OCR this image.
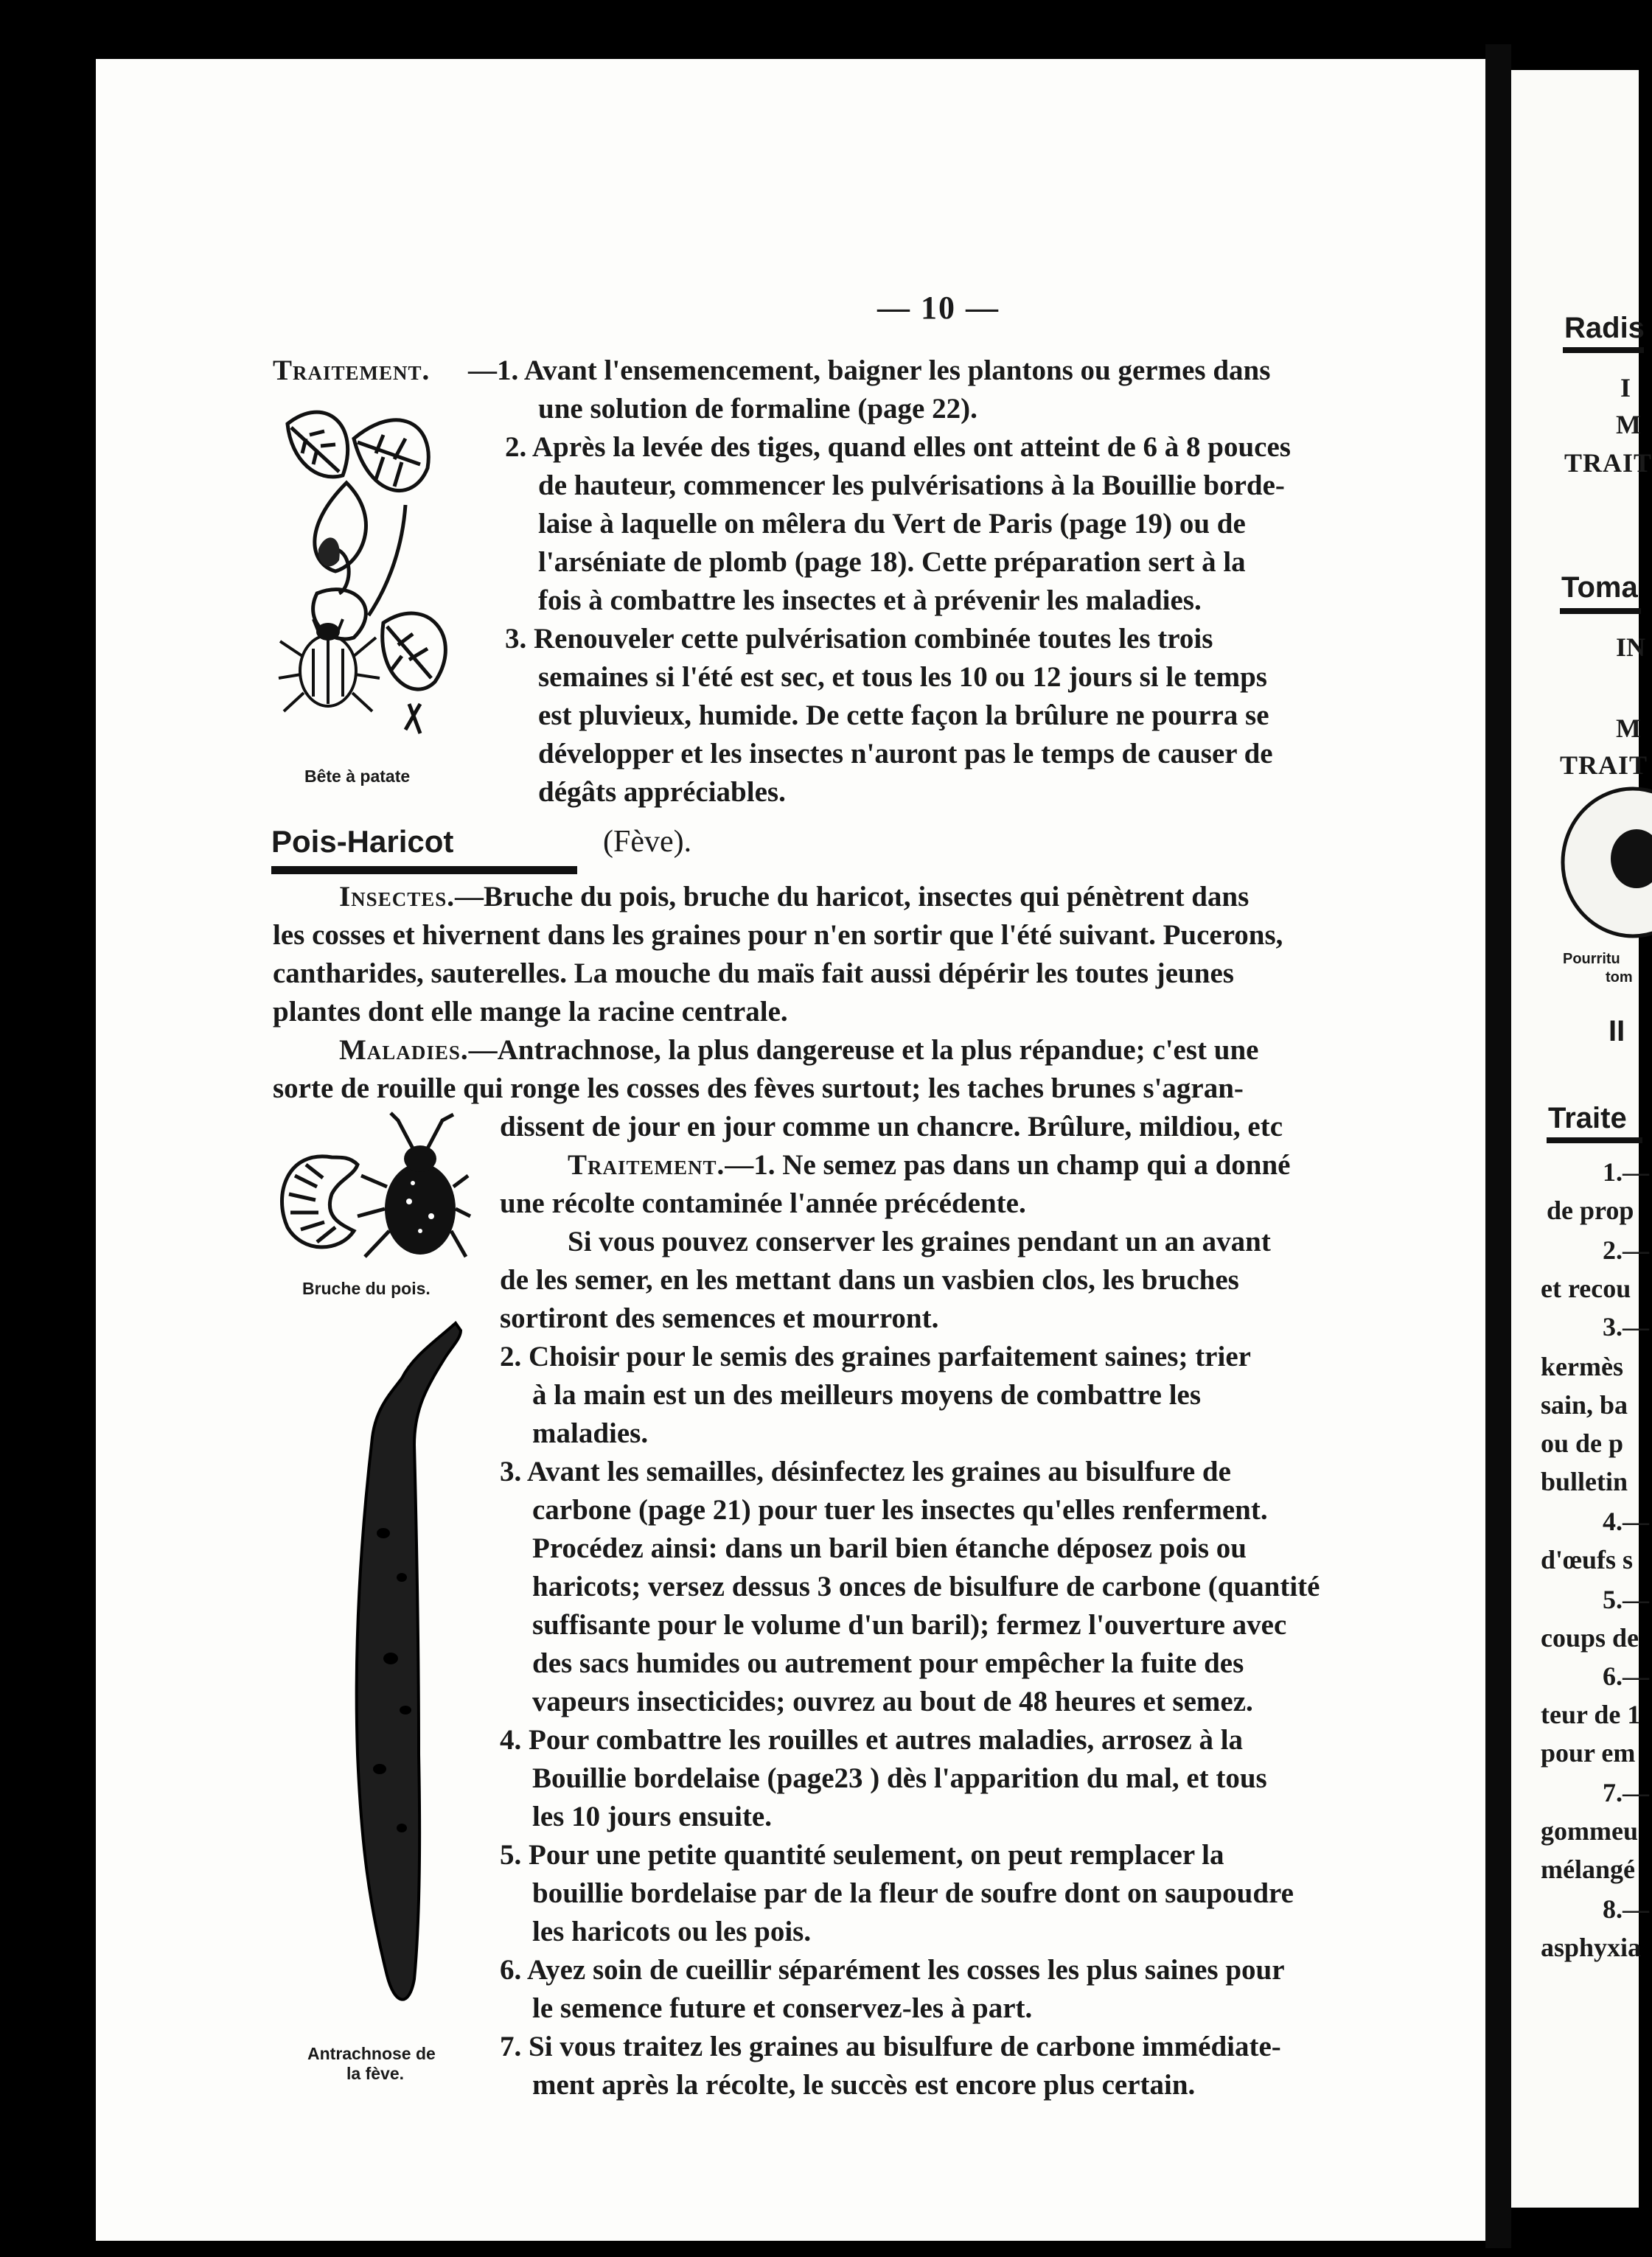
— 10 —
Traitement. —1. Avant l'ensemencement, baigner les plantons ou germes dans
une solution de formaline (page 22).
2. Après la levée des tiges, quand elles ont atteint de 6 à 8 pouces
de hauteur, commencer les pulvérisations à la Bouillie borde-
laise à laquelle on mêlera du Vert de Paris (page 19) ou de
l'arséniate de plomb (page 18). Cette préparation sert à la
fois à combattre les insectes et à prévenir les maladies.
3. Renouveler cette pulvérisation combinée toutes les trois
semaines si l'été est sec, et tous les 10 ou 12 jours si le temps
est pluvieux, humide. De cette façon la brûlure ne pourra se
développer et les insectes n'auront pas le temps de causer de
dégâts appréciables.
Bête à patate
Pois-Haricot	(Fève).
Insectes.—Bruche du pois, bruche du haricot, insectes qui pénètrent dans
les cosses et hivernent dans les graines pour n'en sortir que l'été suivant. Pucerons,
cantharides, sauterelles. La mouche du maïs fait aussi dépérir les toutes jeunes
plantes dont elle mange la racine centrale.
Maladies.—Antrachnose, la plus dangereuse et la plus répandue; c'est une
sorte de rouille qui ronge les cosses des fèves surtout; les taches brunes s'agran-
dissent de jour en jour comme un chancre. Brûlure, mildiou, etc
Bruche du pois.
Traitement.—1. Ne semez pas dans un champ qui a donné
une récolte contaminée l'année précédente.
Si vous pouvez conserver les graines pendant un an avant
de les semer, en les mettant dans un vasbien clos, les bruches
sortiront des semences et mourront.
2. Choisir pour le semis des graines parfaitement saines; trier
à la main est un des meilleurs moyens de combattre les
maladies.
3. Avant les semailles, désinfectez les graines au bisulfure de
carbone (page 21) pour tuer les insectes qu'elles renferment.
Procédez ainsi: dans un baril bien étanche déposez pois ou
haricots; versez dessus 3 onces de bisulfure de carbone (quantité
suffisante pour le volume d'un baril); fermez l'ouverture avec
des sacs humides ou autrement pour empêcher la fuite des
vapeurs insecticides; ouvrez au bout de 48 heures et semez.
4. Pour combattre les rouilles et autres maladies, arrosez à la
Bouillie bordelaise (page23 ) dès l'apparition du mal, et tous
les 10 jours ensuite.
5. Pour une petite quantité seulement, on peut remplacer la
bouillie bordelaise par de la fleur de soufre dont on saupoudre
les haricots ou les pois.
6. Ayez soin de cueillir séparément les cosses les plus saines pour
le semence future et conservez-les à part.
7. Si vous traitez les graines au bisulfure de carbone immédiate-
ment après la récolte, le succès est encore plus certain.
Antrachnose de
la fève.
Radis
I
M
TRAIT
Toma
IN
M
TRAIT
Pourritu
tom
II
Traite
1.—
de prop
2.—
et recou
3.—
kermès
sain, ba
ou de p
bulletin
4.—
d'œufs s
5.—
coups de
6.—
teur de 1
pour em
7.—
gommeu
mélangé
8.—
asphyxia
